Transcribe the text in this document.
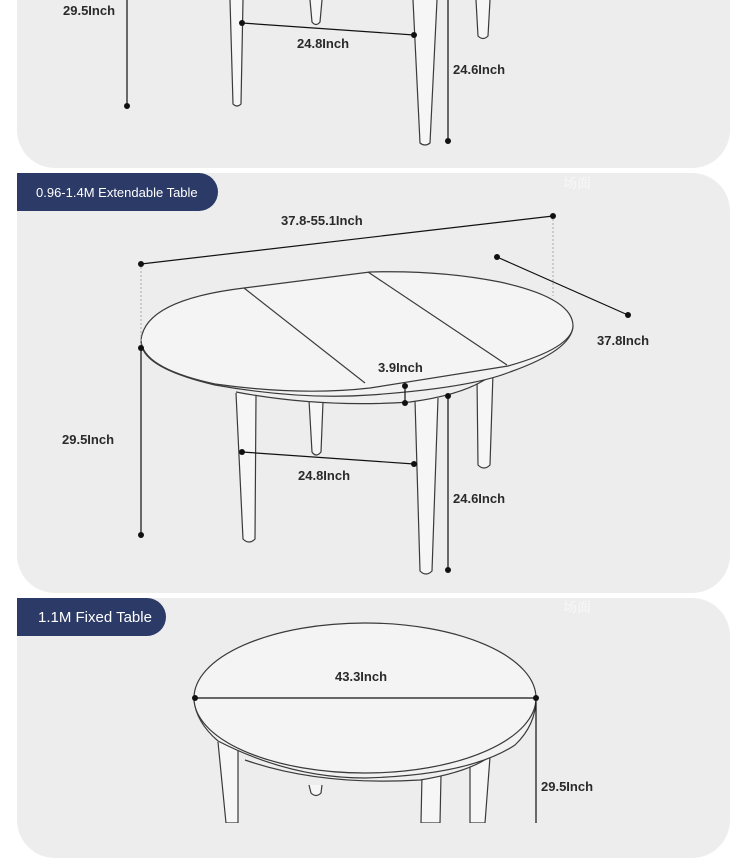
0.96-1.4M Extendable Table
1.1M Fixed Table
场面
场面
29.5Inch
24.8Inch
24.6Inch
37.8-55.1Inch
37.8Inch
3.9Inch
29.5Inch
24.8Inch
24.6Inch
43.3Inch
29.5Inch
